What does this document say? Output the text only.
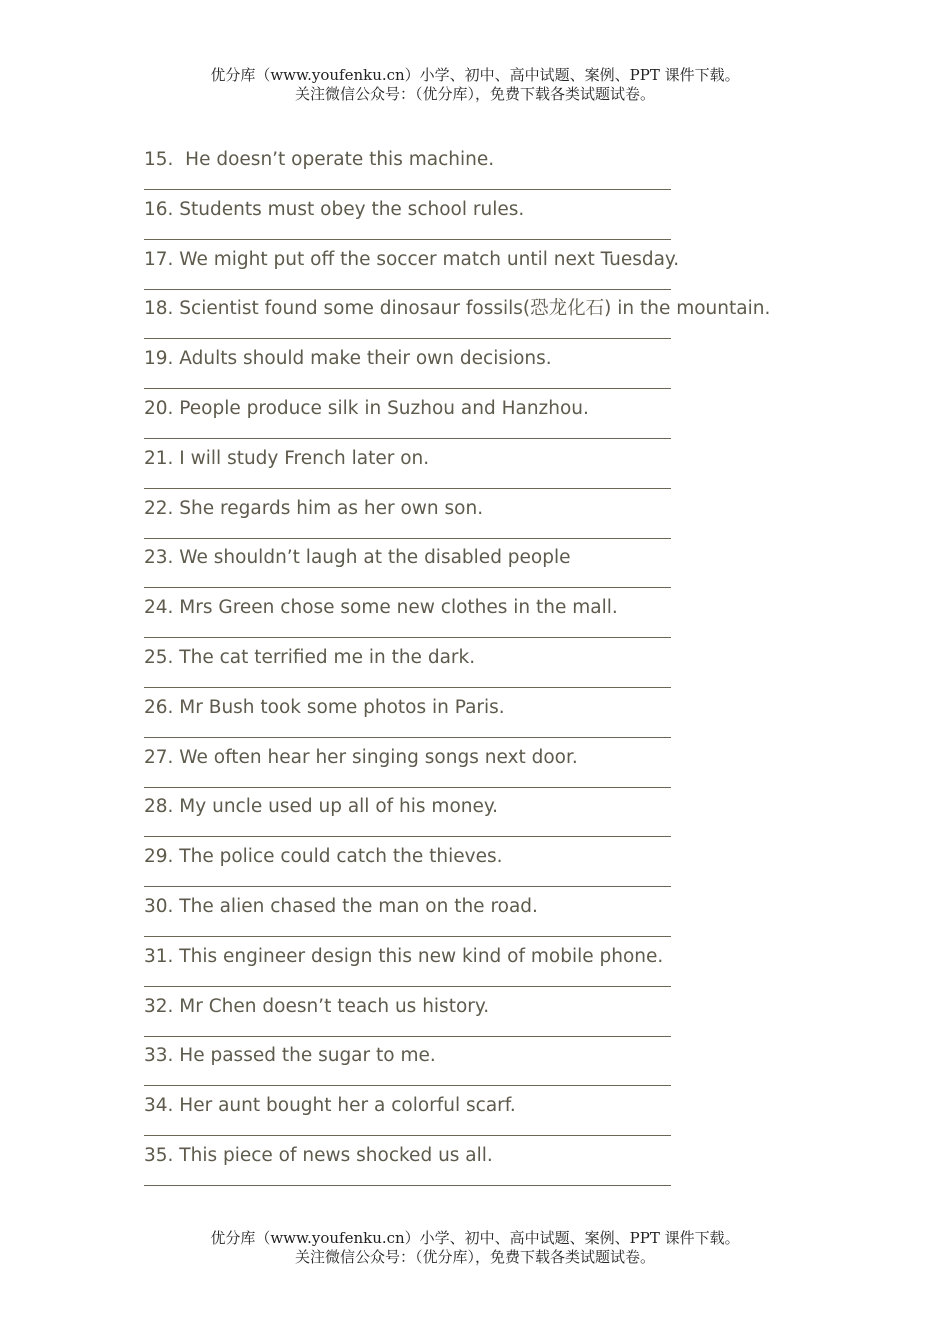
优分库（www.youfenku.cn）小学、初中、高中试题、案例、PPT 课件下载。
关注微信公众号：（优分库），免费下载各类试题试卷。
15.  He doesn’t operate this machine.
16. Students must obey the school rules.
17. We might put off the soccer match until next Tuesday.
18. Scientist found some dinosaur fossils(恐龙化石) in the mountain.
19. Adults should make their own decisions.
20. People produce silk in Suzhou and Hanzhou.
21. I will study French later on.
22. She regards him as her own son.
23. We shouldn’t laugh at the disabled people
24. Mrs Green chose some new clothes in the mall.
25. The cat terrified me in the dark.
26. Mr Bush took some photos in Paris.
27. We often hear her singing songs next door.
28. My uncle used up all of his money.
29. The police could catch the thieves.
30. The alien chased the man on the road.
31. This engineer design this new kind of mobile phone.
32. Mr Chen doesn’t teach us history.
33. He passed the sugar to me.
34. Her aunt bought her a colorful scarf.
35. This piece of news shocked us all.
优分库（www.youfenku.cn）小学、初中、高中试题、案例、PPT 课件下载。
关注微信公众号：（优分库），免费下载各类试题试卷。
